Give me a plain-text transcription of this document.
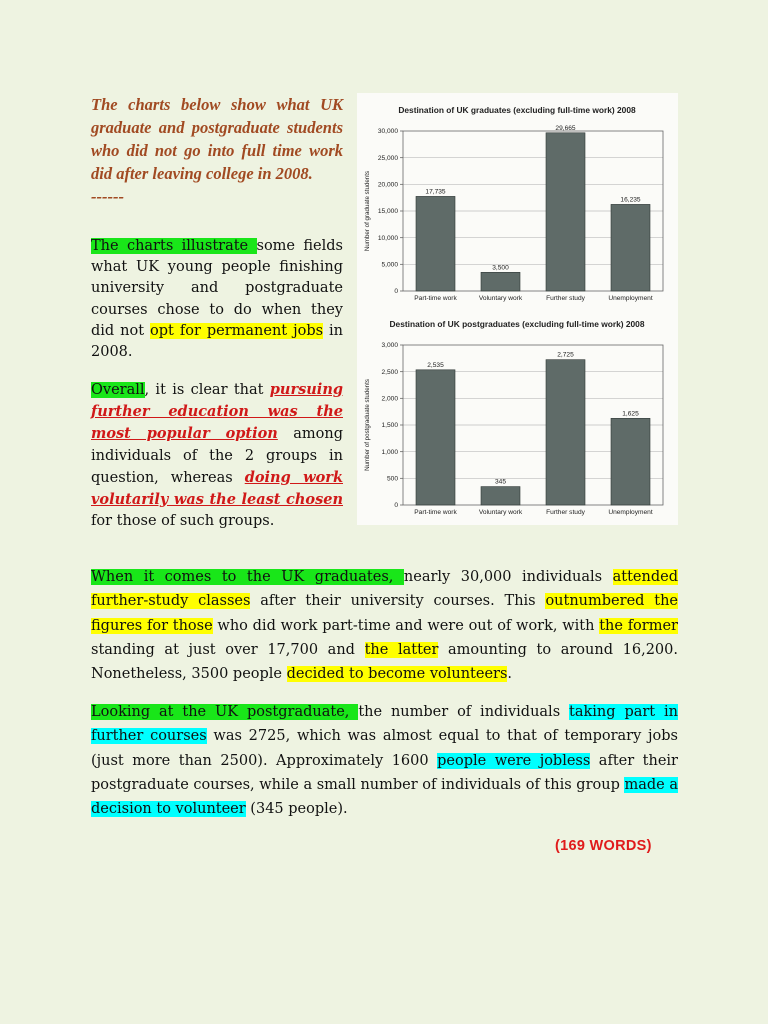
The charts below show what UK graduate and postgraduate students who did not go into full time work did after leaving college in 2008.
------

Destination of UK graduates (excluding full-time work) 2008
0
5,000
10,000
15,000
20,000
25,000
30,000
Number of graduate students	17,735
Part-time work
3,500
Voluntary work
29,665
Further study
16,235
Unemployment
Destination of UK postgraduates (excluding full-time work) 2008
0
500
1,000
1,500
2,000
2,500
3,000
Number of postgraduate students
2,535
Part-time work
345
Voluntary work
2,725
Further study
1,625
Unemployment

The charts illustrate some fields what UK young people finishing university and postgraduate courses chose to do when they did not opt for permanent jobs in 2008.

Overall, it is clear that pursuing further education was the most popular option among individuals of the 2 groups in question, whereas doing work volutarily was the least chosen for those of such groups.

When it comes to the UK graduates, nearly 30,000 individuals attended further-study classes after their university courses. This outnumbered the figures for those who did work part-time and were out of work, with the former standing at just over 17,700 and the latter amounting to around 16,200. Nonetheless, 3500 people decided to become volunteers.

Looking at the UK postgraduate, the number of individuals taking part in further courses was 2725, which was almost equal to that of temporary jobs (just more than 2500). Approximately 1600 people were jobless after their postgraduate courses, while a small number of individuals of this group made a decision to volunteer (345 people).

(169 WORDS)
